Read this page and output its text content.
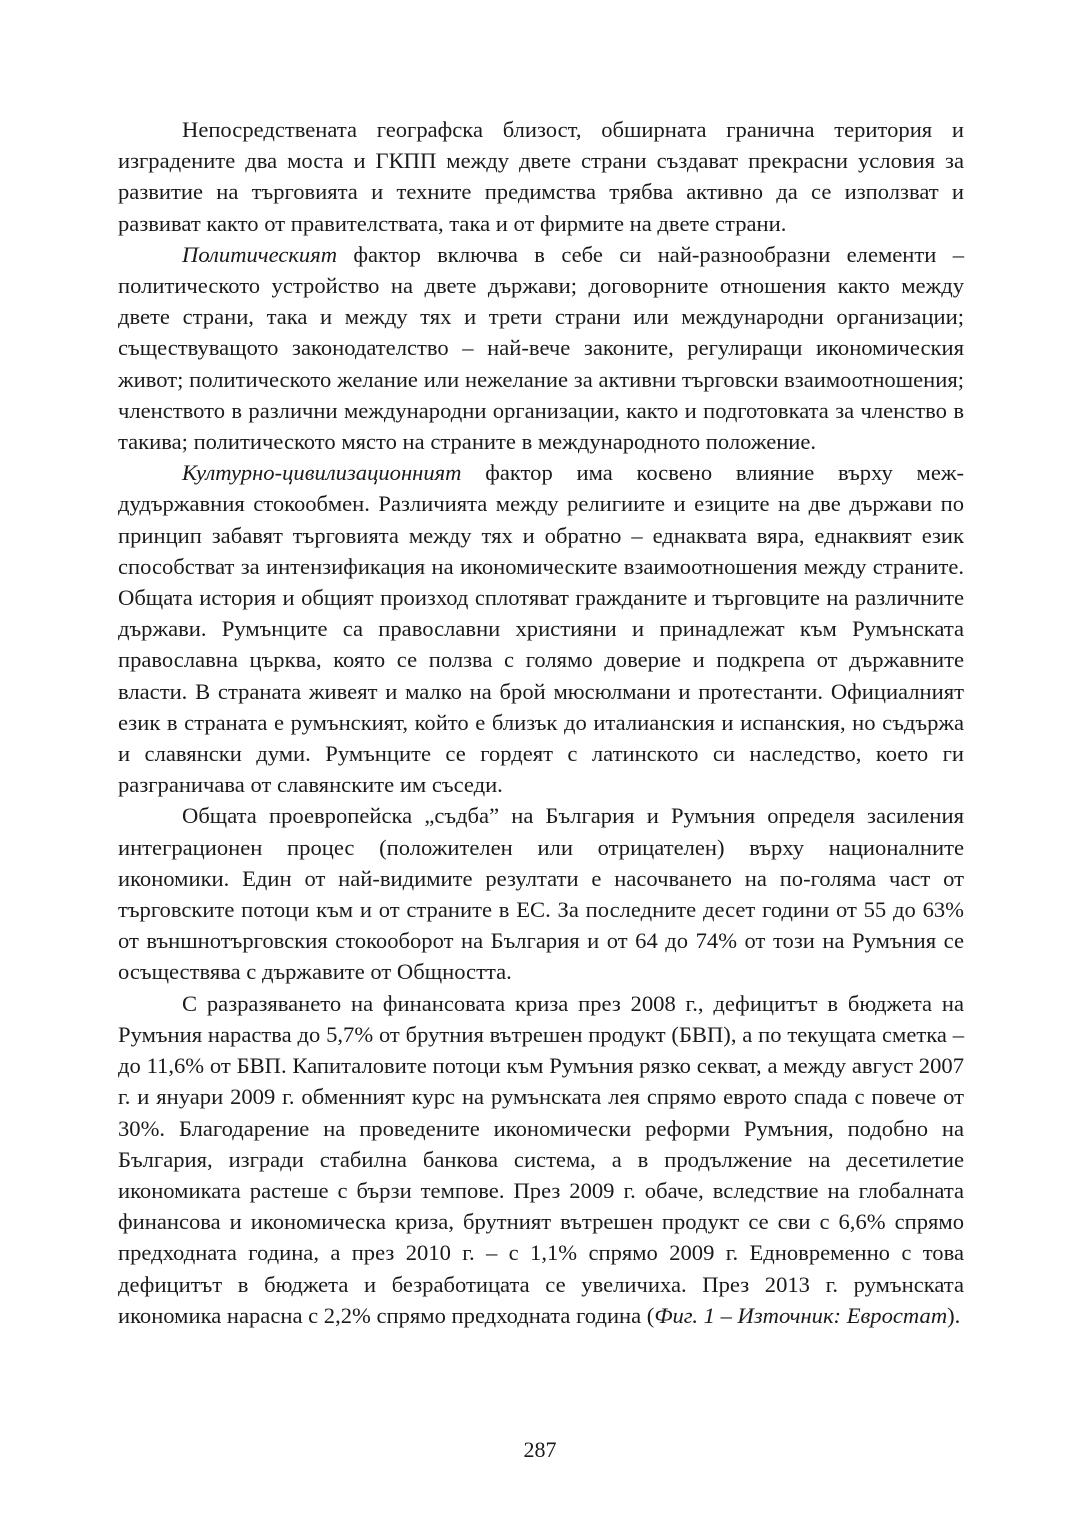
Непосредствената географска близост, обширната гранична територия и изградените два моста и ГКПП между двете страни създават прекрасни условия за развитие на търговията и техните предимства трябва активно да се използват и развиват както от правителствата, така и от фирмите на двете страни.

Политическият фактор включва в себе си най-разнообразни елементи – политическото устройство на двете държави; договорните отношения както между двете страни, така и между тях и трети страни или международни организации; съществуващото законодателство – най-вече законите, регулиращи икономическия живот; политическото желание или нежелание за активни търговски взаимоотношения; членството в различни международни организации, както и подготовката за членство в такива; политическото място на страните в международното положение.

Културно-цивилизационният фактор има косвено влияние върху междудържавния стокообмен. Различията между религиите и езиците на две държави по принцип забавят търговията между тях и обратно – еднаквата вяра, еднаквият език способстват за интензификация на икономическите взаимоотношения между страните. Общата история и общият произход сплотяват гражданите и търговците на различните държави. Румънците са православни християни и принадлежат към Румънската православна църква, която се ползва с голямо доверие и подкрепа от държавните власти. В страната живеят и малко на брой мюсюлмани и протестанти. Официалният език в страната е румънският, който е близък до италианския и испанския, но съдържа и славянски думи. Румънците се гордеят с латинското си наследство, което ги разграничава от славянските им съседи.

Общата проевропейска „съдба” на България и Румъния определя засиления интеграционен процес (положителен или отрицателен) върху националните икономики. Един от най-видимите резултати е насочването на по-голяма част от търговските потоци към и от страните в ЕС. За последните десет години от 55 до 63% от външнотърговския стокооборот на България и от 64 до 74% от този на Румъния се осъществява с държавите от Общността.

С разразяването на финансовата криза през 2008 г., дефицитът в бюджета на Румъния нараства до 5,7% от брутния вътрешен продукт (БВП), а по текущата сметка – до 11,6% от БВП. Капиталовите потоци към Румъния рязко секват, а между август 2007 г. и януари 2009 г. обменният курс на румънската лея спрямо еврото спада с повече от 30%. Благодарение на проведените икономически реформи Румъния, подобно на България, изгради стабилна банкова система, а в продължение на десетилетие икономиката растеше с бързи темпове. През 2009 г. обаче, вследствие на глобалната финансова и икономическа криза, брутният вътрешен продукт се сви с 6,6% спрямо предходната година, а през 2010 г. – с 1,1% спрямо 2009 г. Едновременно с това дефицитът в бюджета и безработицата се увеличиха. През 2013 г. румънската икономика нарасна с 2,2% спрямо предходната година (Фиг. 1 – Източник: Евростат).

287
